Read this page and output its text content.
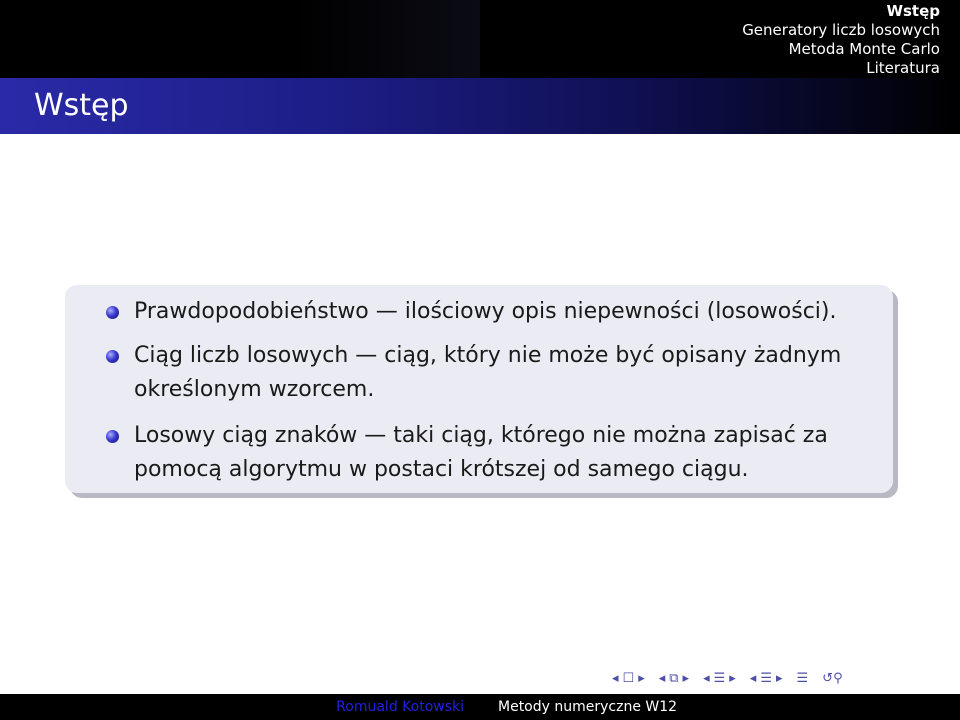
Wstęp
Generatory liczb losowych
Metoda Monte Carlo
Literatura
Wstęp
Prawdopodobieństwo — ilościowy opis niepewności (losowości).
Ciąg liczb losowych — ciąg, który nie może być opisany żadnym określonym wzorcem.
Losowy ciąg znaków — taki ciąg, którego nie można zapisać za pomocą algorytmu w postaci krótszej od samego ciągu.
◂ ☐ ▸ ◂ ⧉ ▸ ◂ ☰ ▸ ◂ ☰ ▸ ☰ ↺⚲
Romuald Kotowski	Metody numeryczne W12
